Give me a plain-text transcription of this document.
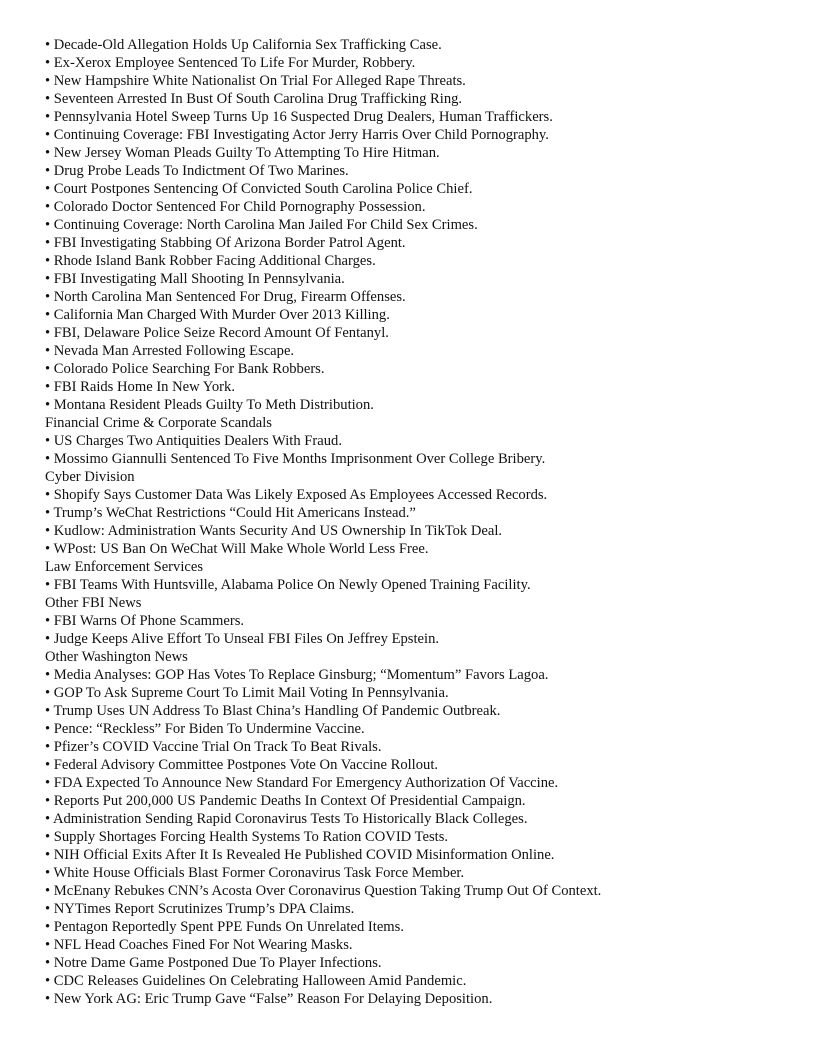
• Decade-Old Allegation Holds Up California Sex Trafficking Case.
• Ex-Xerox Employee Sentenced To Life For Murder, Robbery.
• New Hampshire White Nationalist On Trial For Alleged Rape Threats.
• Seventeen Arrested In Bust Of South Carolina Drug Trafficking Ring.
• Pennsylvania Hotel Sweep Turns Up 16 Suspected Drug Dealers, Human Traffickers.
• Continuing Coverage: FBI Investigating Actor Jerry Harris Over Child Pornography.
• New Jersey Woman Pleads Guilty To Attempting To Hire Hitman.
• Drug Probe Leads To Indictment Of Two Marines.
• Court Postpones Sentencing Of Convicted South Carolina Police Chief.
• Colorado Doctor Sentenced For Child Pornography Possession.
• Continuing Coverage: North Carolina Man Jailed For Child Sex Crimes.
• FBI Investigating Stabbing Of Arizona Border Patrol Agent.
• Rhode Island Bank Robber Facing Additional Charges.
• FBI Investigating Mall Shooting In Pennsylvania.
• North Carolina Man Sentenced For Drug, Firearm Offenses.
• California Man Charged With Murder Over 2013 Killing.
• FBI, Delaware Police Seize Record Amount Of Fentanyl.
• Nevada Man Arrested Following Escape.
• Colorado Police Searching For Bank Robbers.
• FBI Raids Home In New York.
• Montana Resident Pleads Guilty To Meth Distribution.
Financial Crime & Corporate Scandals
• US Charges Two Antiquities Dealers With Fraud.
• Mossimo Giannulli Sentenced To Five Months Imprisonment Over College Bribery.
Cyber Division
• Shopify Says Customer Data Was Likely Exposed As Employees Accessed Records.
• Trump’s WeChat Restrictions “Could Hit Americans Instead.”
• Kudlow: Administration Wants Security And US Ownership In TikTok Deal.
• WPost: US Ban On WeChat Will Make Whole World Less Free.
Law Enforcement Services
• FBI Teams With Huntsville, Alabama Police On Newly Opened Training Facility.
Other FBI News
• FBI Warns Of Phone Scammers.
• Judge Keeps Alive Effort To Unseal FBI Files On Jeffrey Epstein.
Other Washington News
• Media Analyses: GOP Has Votes To Replace Ginsburg; “Momentum” Favors Lagoa.
• GOP To Ask Supreme Court To Limit Mail Voting In Pennsylvania.
• Trump Uses UN Address To Blast China’s Handling Of Pandemic Outbreak.
• Pence: “Reckless” For Biden To Undermine Vaccine.
• Pfizer’s COVID Vaccine Trial On Track To Beat Rivals.
• Federal Advisory Committee Postpones Vote On Vaccine Rollout.
• FDA Expected To Announce New Standard For Emergency Authorization Of Vaccine.
• Reports Put 200,000 US Pandemic Deaths In Context Of Presidential Campaign.
• Administration Sending Rapid Coronavirus Tests To Historically Black Colleges.
• Supply Shortages Forcing Health Systems To Ration COVID Tests.
• NIH Official Exits After It Is Revealed He Published COVID Misinformation Online.
• White House Officials Blast Former Coronavirus Task Force Member.
• McEnany Rebukes CNN’s Acosta Over Coronavirus Question Taking Trump Out Of Context.
• NYTimes Report Scrutinizes Trump’s DPA Claims.
• Pentagon Reportedly Spent PPE Funds On Unrelated Items.
• NFL Head Coaches Fined For Not Wearing Masks.
• Notre Dame Game Postponed Due To Player Infections.
• CDC Releases Guidelines On Celebrating Halloween Amid Pandemic.
• New York AG: Eric Trump Gave “False” Reason For Delaying Deposition.
